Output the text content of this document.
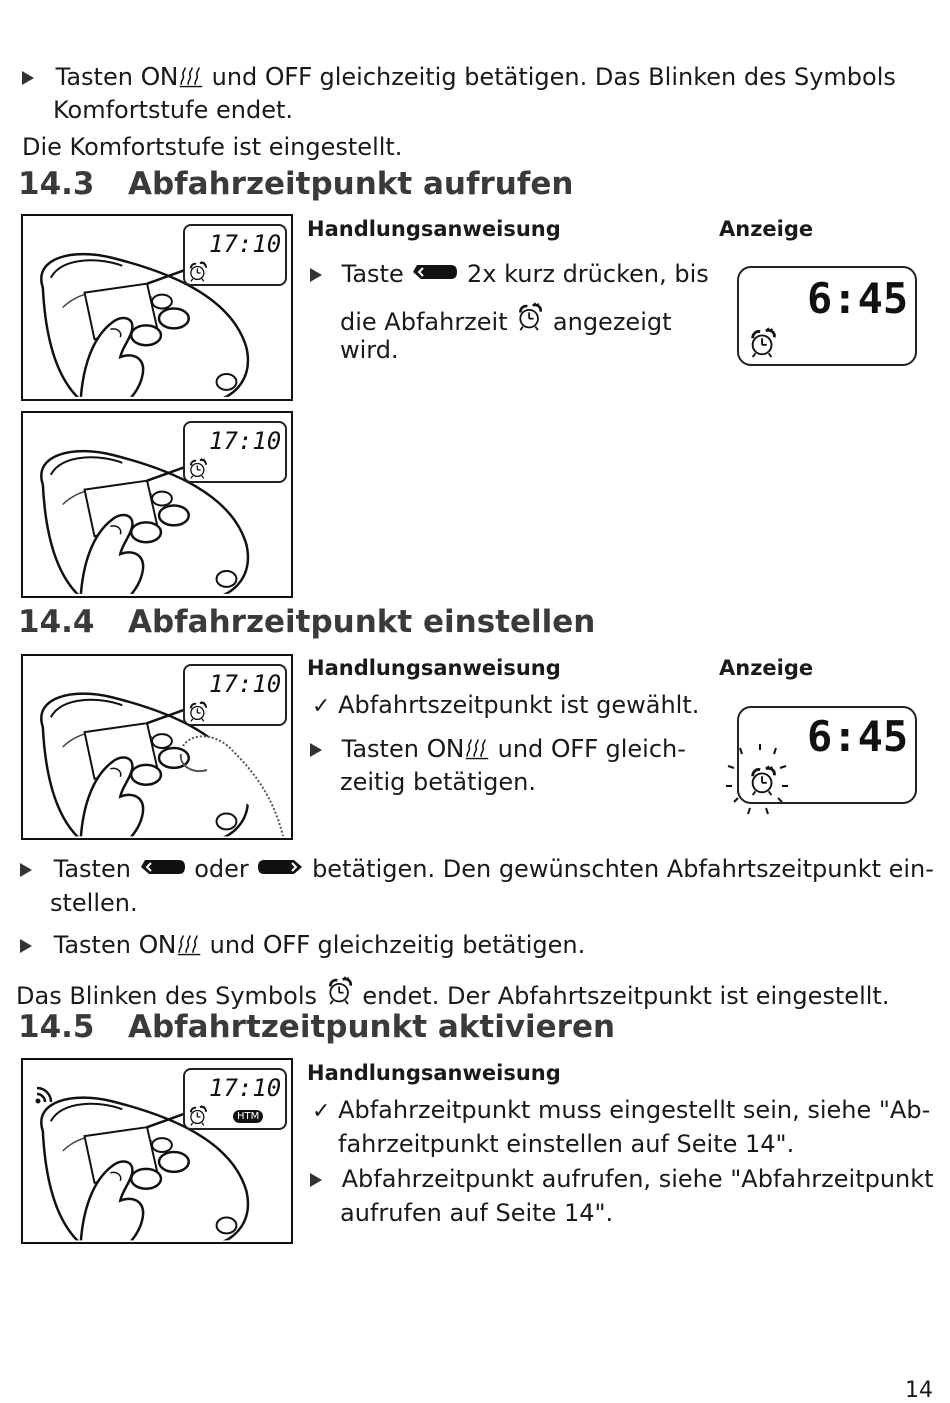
Tasten ON und OFF gleichzeitig betätigen. Das Blinken des Symbols
Komfortstufe endet.
Die Komfortstufe ist eingestellt.
14.3 Abfahrzeitpunkt aufrufen
17:10
17:10
Handlungsanweisung	Anzeige
Taste	2x kurz drücken, bis
die Abfahrzeit angezeigt
wird.
6:45
14.4 Abfahrzeitpunkt einstellen
17:10
Handlungsanweisung	Anzeige
✓ Abfahrtszeitpunkt ist gewählt.
Tasten ON und OFF gleich-
zeitig betätigen.
6:45
Tasten	oder	betätigen. Den gewünschten Abfahrtszeitpunkt ein-
stellen.
Tasten ON und OFF gleichzeitig betätigen.
Das Blinken des Symbols endet. Der Abfahrtszeitpunkt ist eingestellt.
14.5 Abfahrtzeitpunkt aktivieren
17:10
HTM
Handlungsanweisung
✓ Abfahrzeitpunkt muss eingestellt sein, siehe "Ab-
fahrzeitpunkt einstellen auf Seite 14".
Abfahrzeitpunkt aufrufen, siehe "Abfahrzeitpunkt
aufrufen auf Seite 14".
14
